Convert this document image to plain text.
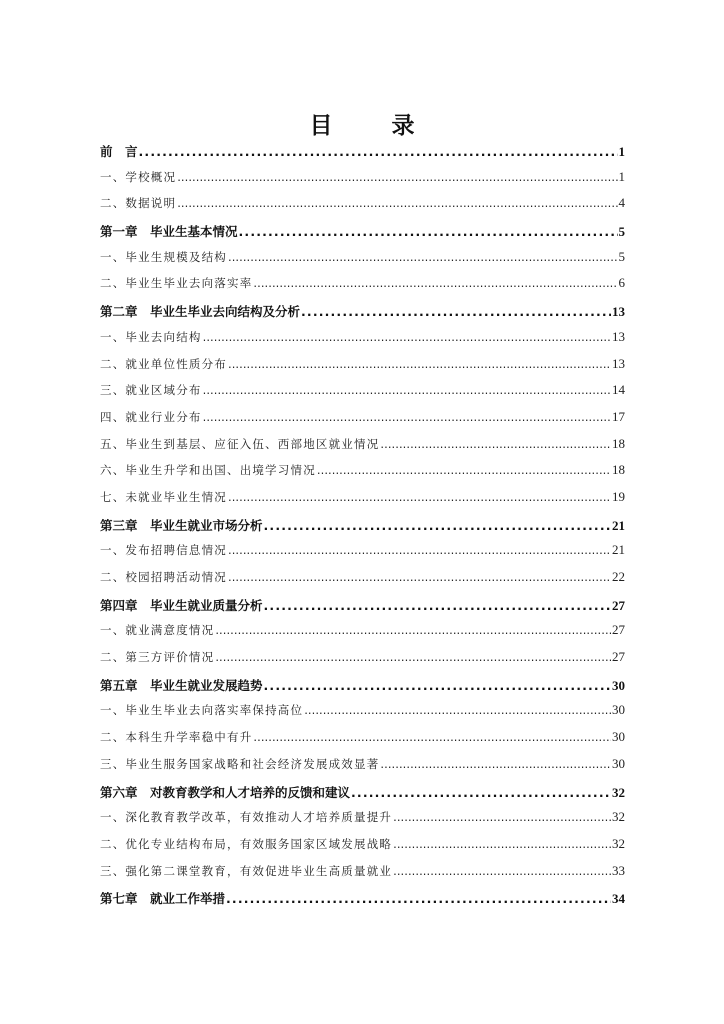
目　录
前　言 . . .	1
一、学校概况 . . .	1
二、数据说明 . . .	4
第一章　毕业生基本情况 . . .	5
一、毕业生规模及结构 . . .	5
二、毕业生毕业去向落实率 . . .	6
第二章　毕业生毕业去向结构及分析 . . .	13
一、毕业去向结构 . . .	13
二、就业单位性质分布 . . .	13
三、就业区域分布 . . .	14
四、就业行业分布 . . .	17
五、毕业生到基层、应征入伍、西部地区就业情况 . . .	18
六、毕业生升学和出国、出境学习情况 . . .	18
七、未就业毕业生情况 . . .	19
第三章　毕业生就业市场分析 . . .	21
一、发布招聘信息情况 . . .	21
二、校园招聘活动情况 . . .	22
第四章　毕业生就业质量分析 . . .	27
一、就业满意度情况 . . .	27
二、第三方评价情况 . . .	27
第五章　毕业生就业发展趋势 . . .	30
一、毕业生毕业去向落实率保持高位 . . .	30
二、本科生升学率稳中有升 . . .	30
三、毕业生服务国家战略和社会经济发展成效显著 . . .	30
第六章　对教育教学和人才培养的反馈和建议 . . .	32
一、深化教育教学改革，有效推动人才培养质量提升 . . .	32
二、优化专业结构布局，有效服务国家区域发展战略 . . .	32
三、强化第二课堂教育，有效促进毕业生高质量就业 . . .	33
第七章　就业工作举措 . . .	34
